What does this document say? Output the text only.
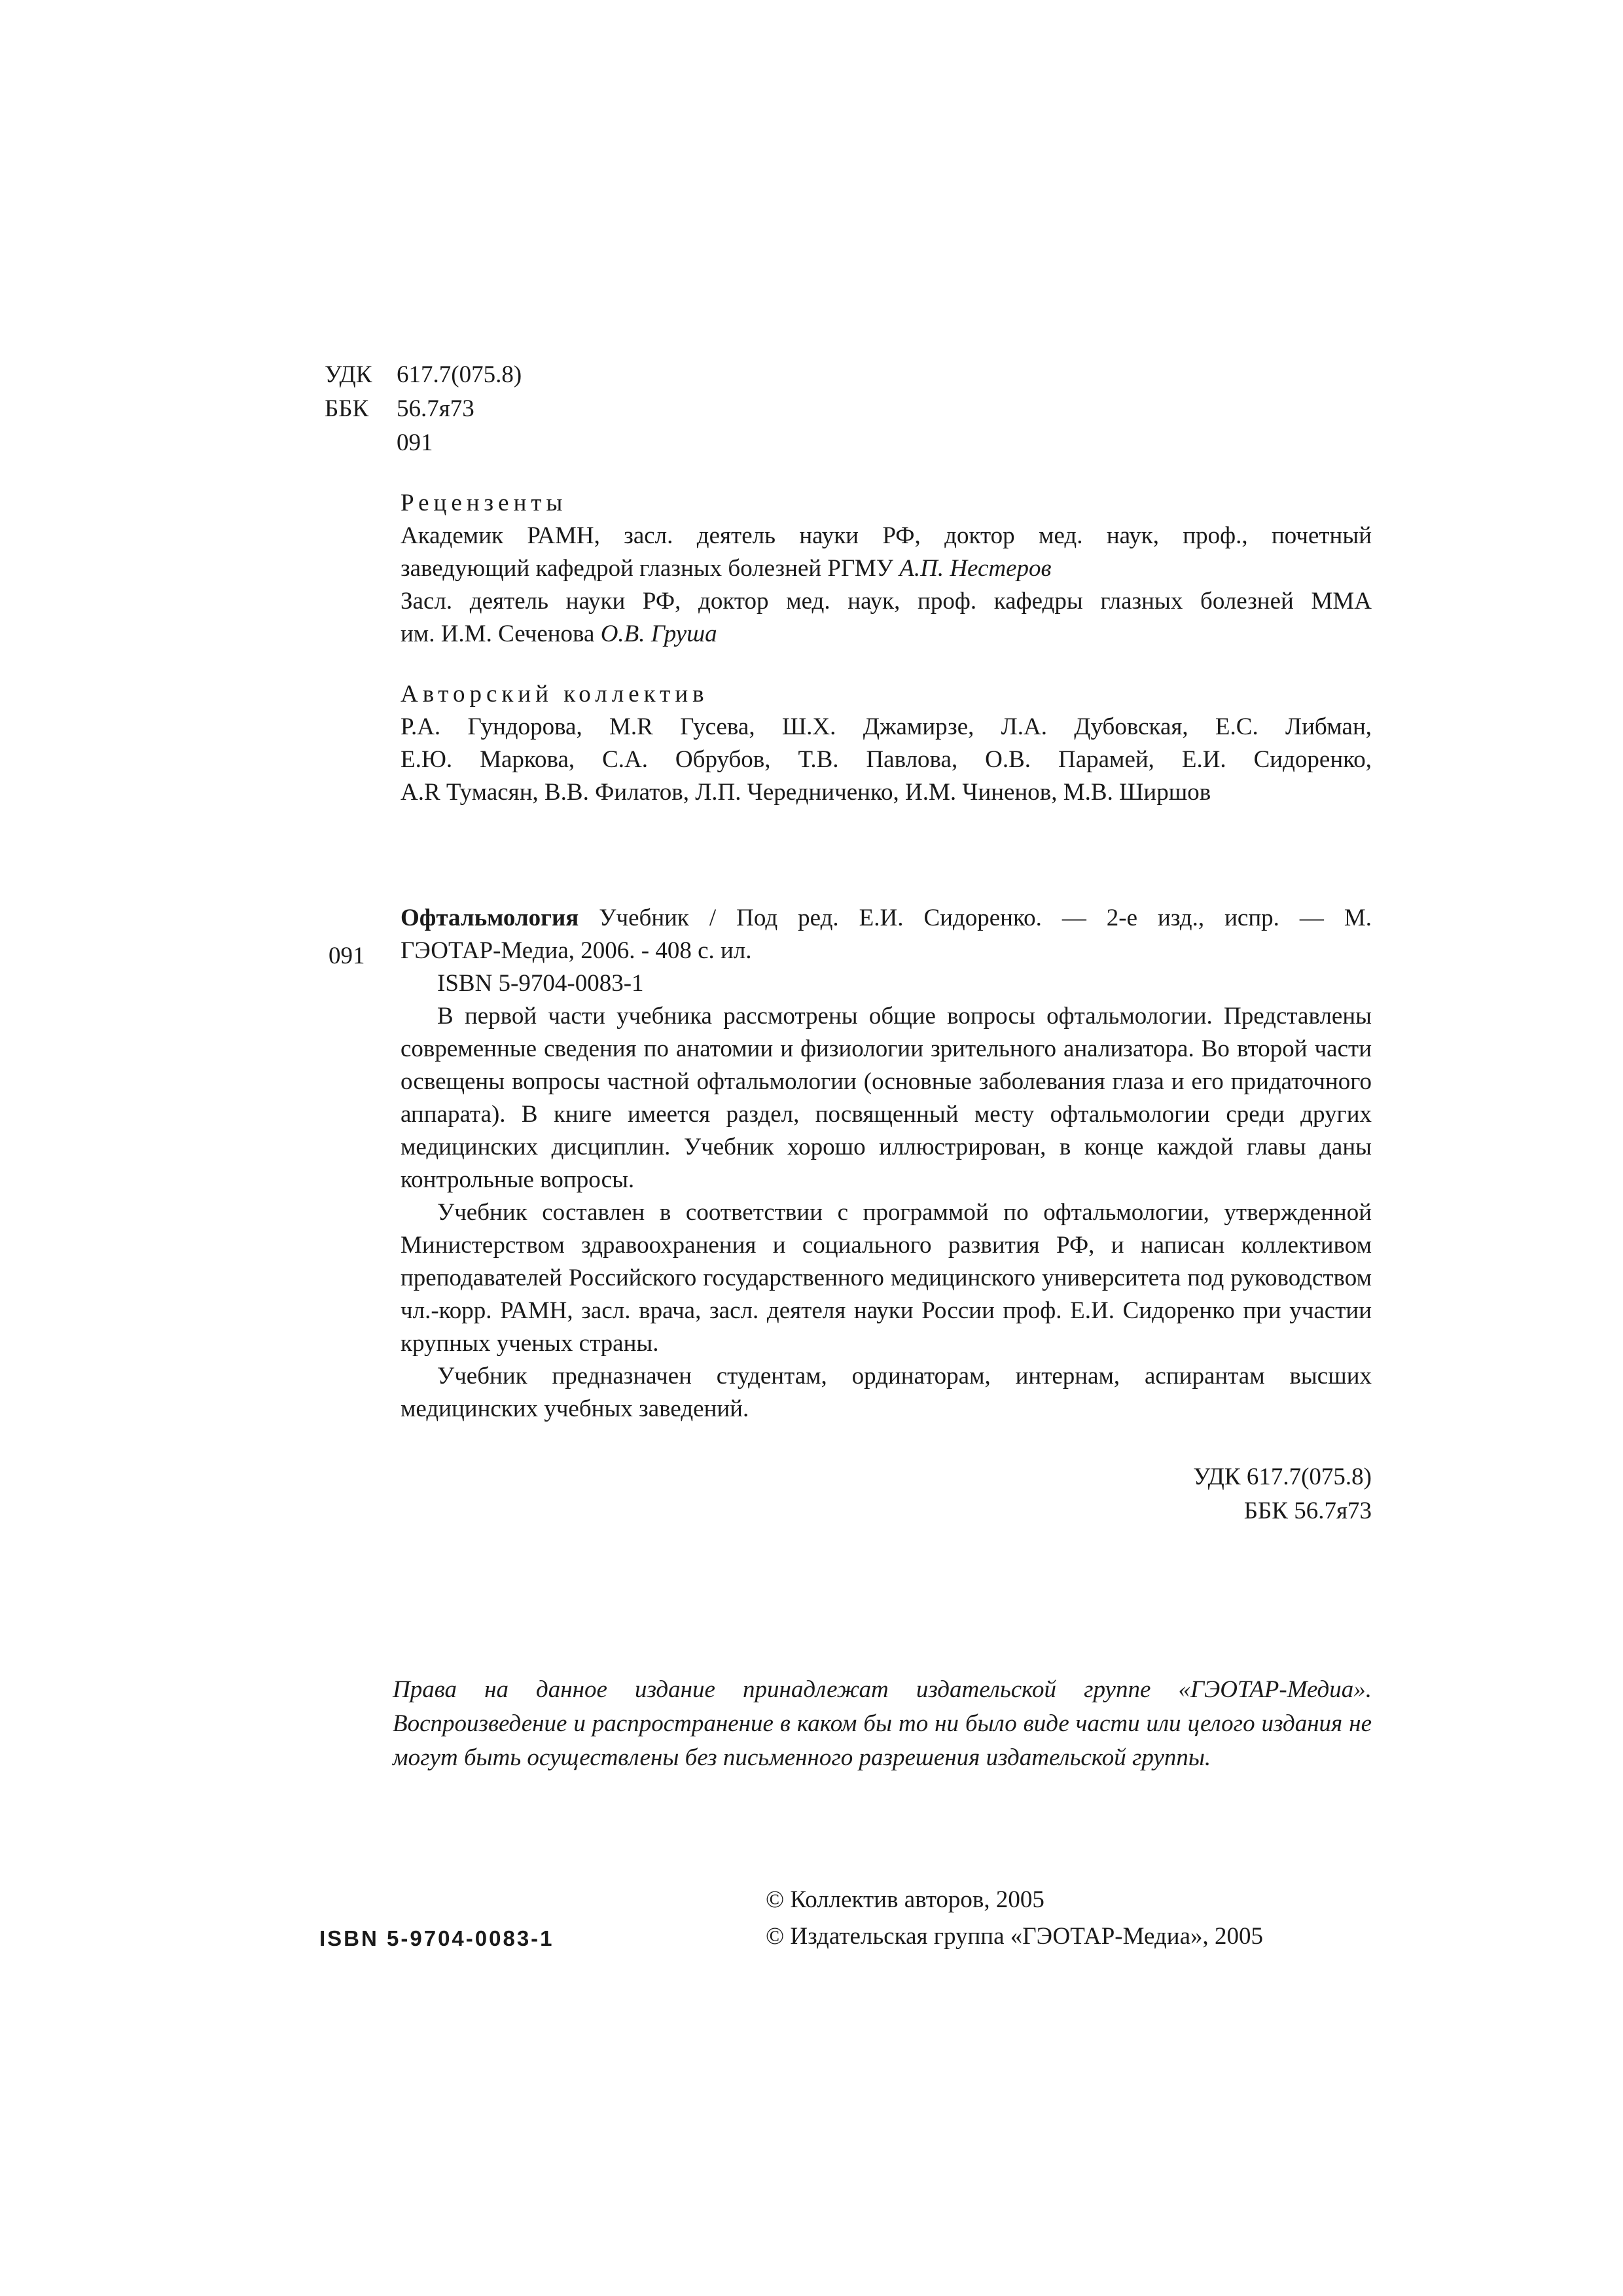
УДК 617.7(075.8)
ББК 56.7я73
091
Рецензенты
Академик РАМН, засл. деятель науки РФ, доктор мед. наук, проф., почетный
заведующий кафедрой глазных болезней РГМУ А.П. Нестеров
Засл. деятель науки РФ, доктор мед. наук, проф. кафедры глазных болезней ММА
им. И.М. Сеченова О.В. Груша
Авторский коллектив
Р.А. Гундорова, M.R Гусева, Ш.Х. Джамирзе, Л.А. Дубовская, Е.С. Либман,
Е.Ю. Маркова, С.А. Обрубов, Т.В. Павлова, О.В. Парамей, Е.И. Сидоренко,
A.R Тумасян, В.В. Филатов, Л.П. Чередниченко, И.М. Чиненов, М.В. Ширшов
091
Офтальмология Учебник / Под ред. Е.И. Сидоренко. — 2-е изд., испр. — М.
ГЭОТАР-Медиа, 2006. - 408 с. ил.
ISBN 5-9704-0083-1

В первой части учебника рассмотрены общие вопросы офтальмологии. Представлены современные сведения по анатомии и физиологии зрительного анализатора. Во второй части освещены вопросы частной офтальмологии (основные заболевания глаза и его придаточного аппарата). В книге имеется раздел, посвященный месту офтальмологии среди других медицинских дисциплин. Учебник хорошо иллюстрирован, в конце каждой главы даны контрольные вопросы.

Учебник составлен в соответствии с программой по офтальмологии, утвержденной Министерством здравоохранения и социального развития РФ, и написан коллективом преподавателей Российского государственного медицинского университета под руководством чл.-корр. РАМН, засл. врача, засл. деятеля науки России проф. Е.И. Сидоренко при участии крупных ученых страны.

Учебник предназначен студентам, ординаторам, интернам, аспирантам высших медицинских учебных заведений.

УДК 617.7(075.8)
ББК 56.7я73
Права на данное издание принадлежат издательской группе «ГЭОТАР-Медиа». Воспроизведение и распространение в каком бы то ни было виде части или целого издания не могут быть осуществлены без письменного разрешения издательской группы.
ISBN 5-9704-0083-1
© Коллектив авторов, 2005
© Издательская группа «ГЭОТАР-Медиа», 2005
